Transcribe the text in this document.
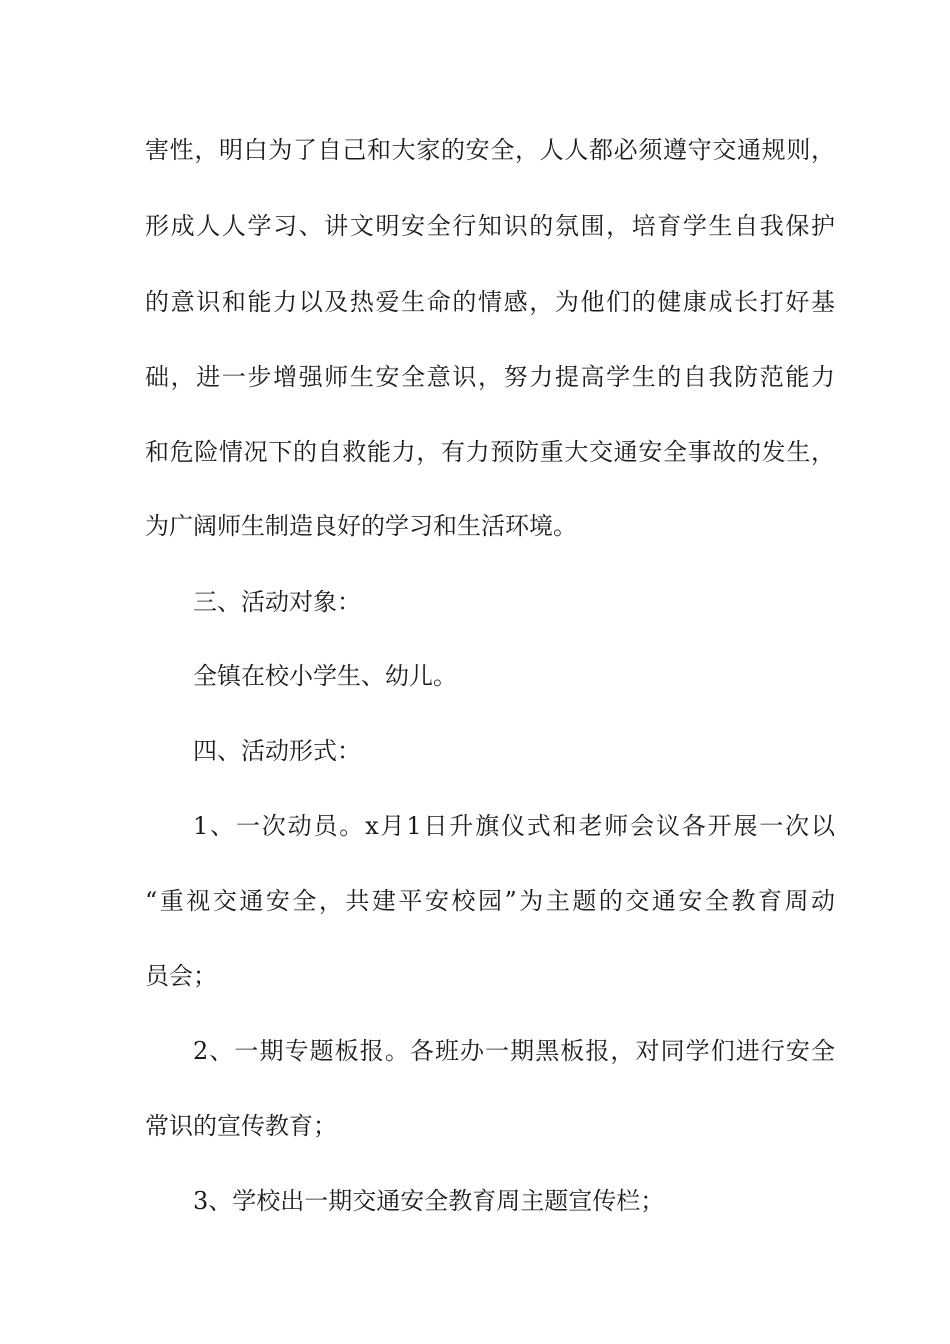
害性，明白为了自己和大家的安全，人人都必须遵守交通规则，
形成人人学习、讲文明安全行知识的氛围，培育学生自我保护
的意识和能力以及热爱生命的情感，为他们的健康成长打好基
础，进一步增强师生安全意识，努力提高学生的自我防范能力
和危险情况下的自救能力，有力预防重大交通安全事故的发生，
为广阔师生制造良好的学习和生活环境。
三、活动对象：
全镇在校小学生、幼儿。
四、活动形式：
1、一次动员。x月1日升旗仪式和老师会议各开展一次以
“重视交通安全，共建平安校园”为主题的交通安全教育周动
员会；
2、一期专题板报。各班办一期黑板报，对同学们进行安全
常识的宣传教育；
3、学校出一期交通安全教育周主题宣传栏；
